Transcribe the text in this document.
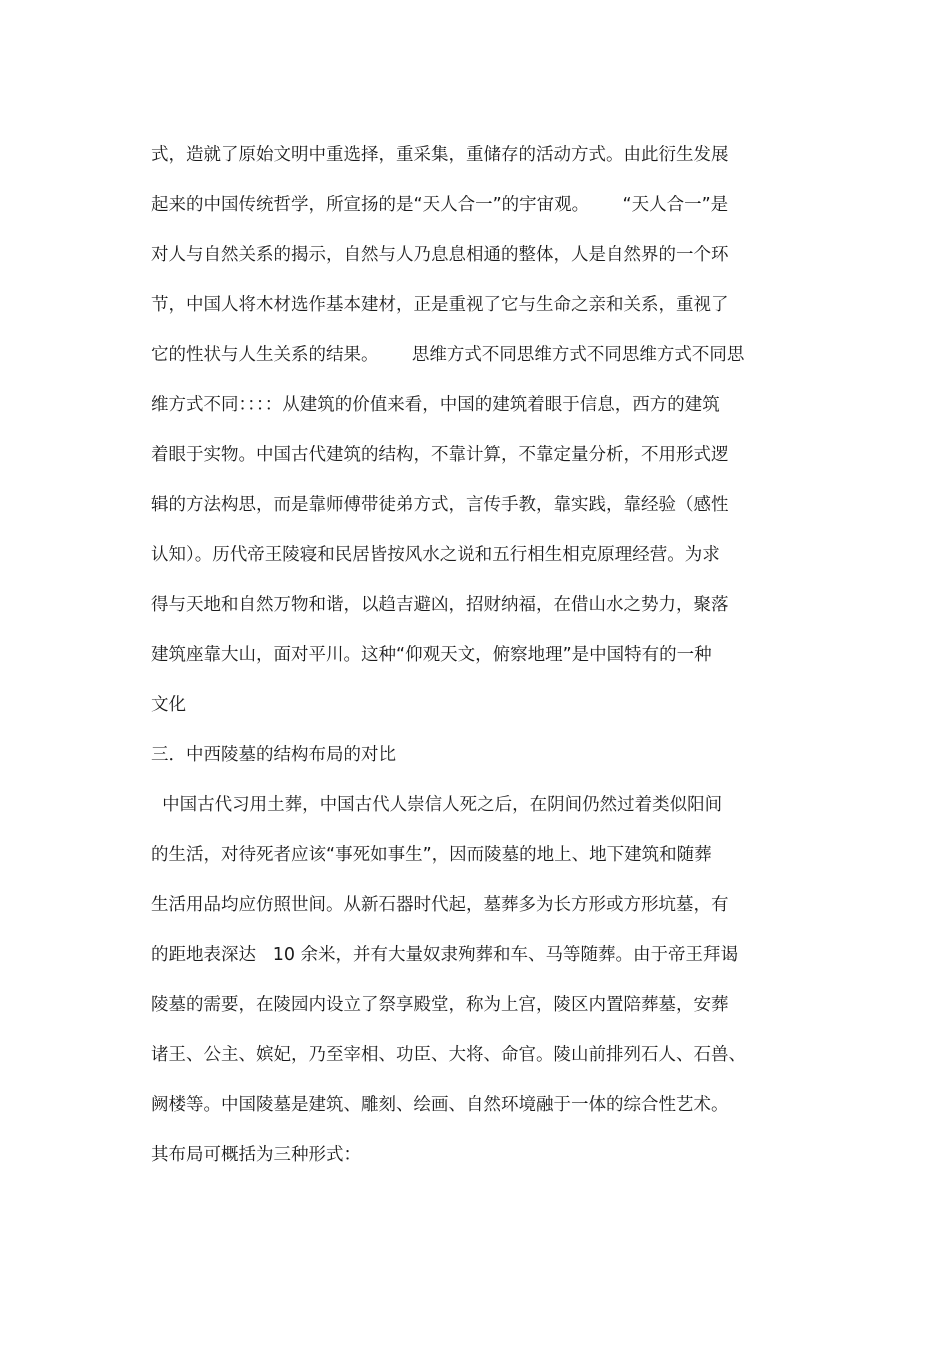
式，造就了原始文明中重选择，重采集，重储存的活动方式。由此衍生发展
起来的中国传统哲学，所宣扬的是“天人合一”的宇宙观。      “天人合一”是
对人与自然关系的揭示，自然与人乃息息相通的整体，人是自然界的一个环
节，中国人将木材选作基本建材，正是重视了它与生命之亲和关系，重视了
它的性状与人生关系的结果。      思维方式不同思维方式不同思维方式不同思
维方式不同：：：：从建筑的价值来看，中国的建筑着眼于信息，西方的建筑
着眼于实物。中国古代建筑的结构，不靠计算，不靠定量分析，不用形式逻
辑的方法构思，而是靠师傅带徒弟方式，言传手教，靠实践，靠经验（感性
认知）。历代帝王陵寝和民居皆按风水之说和五行相生相克原理经营。为求
得与天地和自然万物和谐，以趋吉避凶，招财纳福，在借山水之势力，聚落
建筑座靠大山，面对平川。这种“仰观天文，俯察地理”是中国特有的一种
文化
三．中西陵墓的结构布局的对比
中国古代习用土葬，中国古代人崇信人死之后，在阴间仍然过着类似阳间
的生活，对待死者应该“事死如事生”，因而陵墓的地上、地下建筑和随葬
生活用品均应仿照世间。从新石器时代起，墓葬多为长方形或方形坑墓，有
的距地表深达   10 余米，并有大量奴隶殉葬和车、马等随葬。由于帝王拜谒
陵墓的需要，在陵园内设立了祭享殿堂，称为上宫，陵区内置陪葬墓，安葬
诸王、公主、嫔妃，乃至宰相、功臣、大将、命官。陵山前排列石人、石兽、
阙楼等。中国陵墓是建筑、雕刻、绘画、自然环境融于一体的综合性艺术。
其布局可概括为三种形式：
